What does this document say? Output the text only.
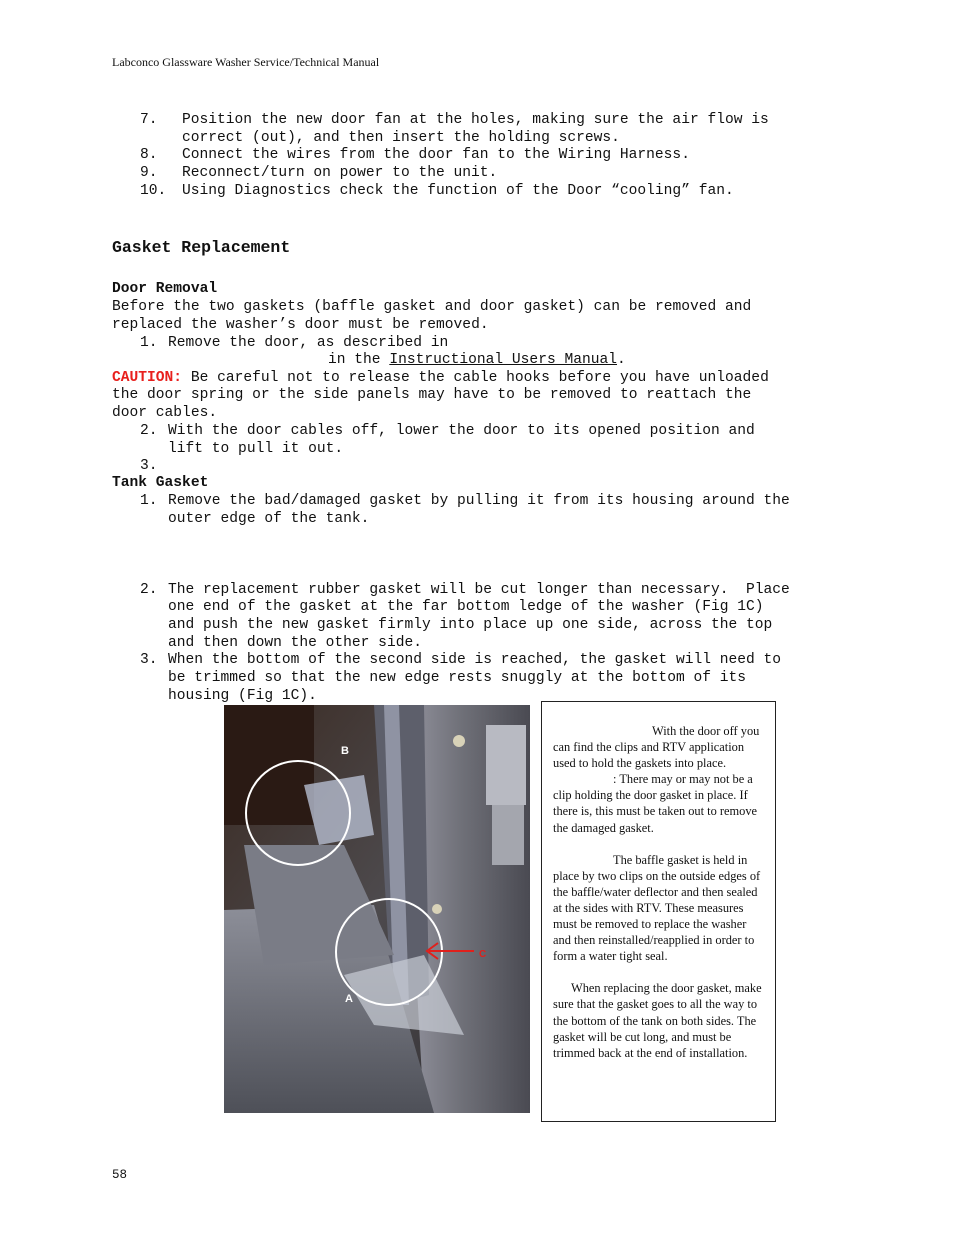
Labconco Glassware Washer Service/Technical Manual
7. Position the new door fan at the holes, making sure the air flow is
correct (out), and then insert the holding screws.
8. Connect the wires from the door fan to the Wiring Harness.
9. Reconnect/turn on power to the unit.
10. Using Diagnostics check the function of the Door “cooling” fan.
Gasket Replacement
Door Removal
Before the two gaskets (baffle gasket and door gasket) can be removed and
replaced the washer’s door must be removed.
1. Remove the door, as described in
in the Instructional Users Manual.
CAUTION: Be careful not to release the cable hooks before you have unloaded
the door spring or the side panels may have to be removed to reattach the
door cables.
2. With the door cables off, lower the door to its opened position and
lift to pull it out.
3.
Tank Gasket
1. Remove the bad/damaged gasket by pulling it from its housing around the
outer edge of the tank.
2. The replacement rubber gasket will be cut longer than necessary.  Place
one end of the gasket at the far bottom ledge of the washer (Fig 1C)
and push the new gasket firmly into place up one side, across the top
and then down the other side.
3. When the bottom of the second side is reached, the gasket will need to
be trimmed so that the new edge rests snuggly at the bottom of its
housing (Fig 1C).
B
A
C

With the door off you can find the clips and RTV application used to hold the gaskets into place.: There may or may not be a clip holding the door gasket in place. If there is, this must be taken out to remove the damaged gasket.

The baffle gasket is held in place by two clips on the outside edges of the baffle/water deflector and then sealed at the sides with RTV. These measures must be removed to replace the washer and then reinstalled/reapplied in order to form a water tight seal.

When replacing the door gasket, make sure that the gasket goes to all the way to the bottom of the tank on both sides. The gasket will be cut long, and must be trimmed back at the end of installation.

58
